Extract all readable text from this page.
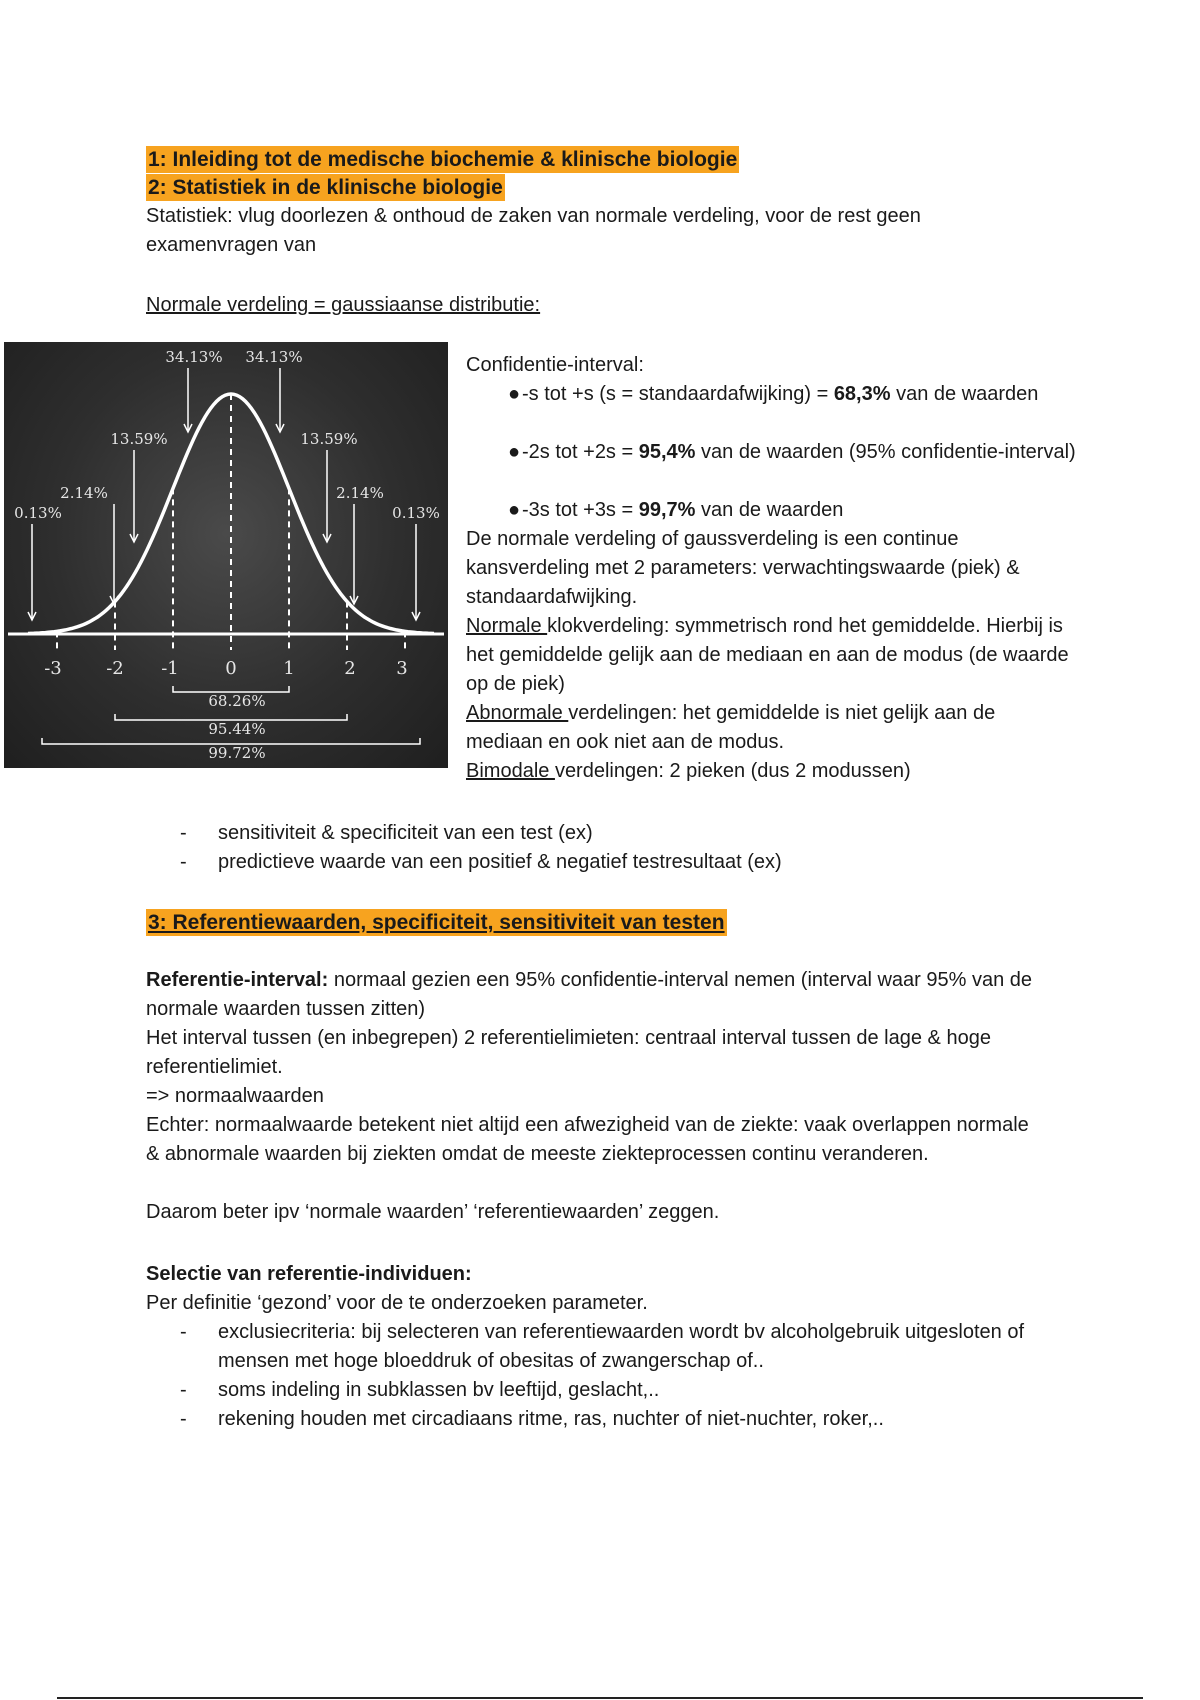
1: Inleiding tot de medische biochemie & klinische biologie
2: Statistiek in de klinische biologie
Statistiek: vlug doorlezen & onthoud de zaken van normale verdeling, voor de rest geen examenvragen van
Normale verdeling = gaussiaanse distributie:
-3 -2 -1	0	1	2 3
0.13%
2.14%
13.59%
34.13% 34.13%
13.59%
2.14%
0.13%
68.26%
95.44%
99.72%
Confidentie-interval:
●-s tot +s (s = standaardafwijking) = 68,3% van de waarden
●-2s tot +2s = 95,4% van de waarden (95% confidentie-interval)
●-3s tot +3s = 99,7% van de waarden
De normale verdeling of gaussverdeling is een continue kansverdeling met 2 parameters: verwachtingswaarde (piek) & standaardafwijking.
Normale klokverdeling: symmetrisch rond het gemiddelde. Hierbij is het gemiddelde gelijk aan de mediaan en aan de modus (de waarde op de piek)
Abnormale verdelingen: het gemiddelde is niet gelijk aan de mediaan en ook niet aan de modus.
Bimodale verdelingen: 2 pieken (dus 2 modussen)
- sensitiviteit & specificiteit van een test (ex)
- predictieve waarde van een positief & negatief testresultaat (ex)
3: Referentiewaarden, specificiteit, sensitiviteit van testen
Referentie-interval: normaal gezien een 95% confidentie-interval nemen (interval waar 95% van de normale waarden tussen zitten)
Het interval tussen (en inbegrepen) 2 referentielimieten: centraal interval tussen de lage & hoge referentielimiet.
=> normaalwaarden
Echter: normaalwaarde betekent niet altijd een afwezigheid van de ziekte: vaak overlappen normale & abnormale waarden bij ziekten omdat de meeste ziekteprocessen continu veranderen.
Daarom beter ipv ‘normale waarden’ ‘referentiewaarden’ zeggen.
Selectie van referentie-individuen:
Per definitie ‘gezond’ voor de te onderzoeken parameter.
- exclusiecriteria: bij selecteren van referentiewaarden wordt bv alcoholgebruik uitgesloten of mensen met hoge bloeddruk of obesitas of zwangerschap of..
- soms indeling in subklassen bv leeftijd, geslacht,..
- rekening houden met circadiaans ritme, ras, nuchter of niet-nuchter, roker,..
